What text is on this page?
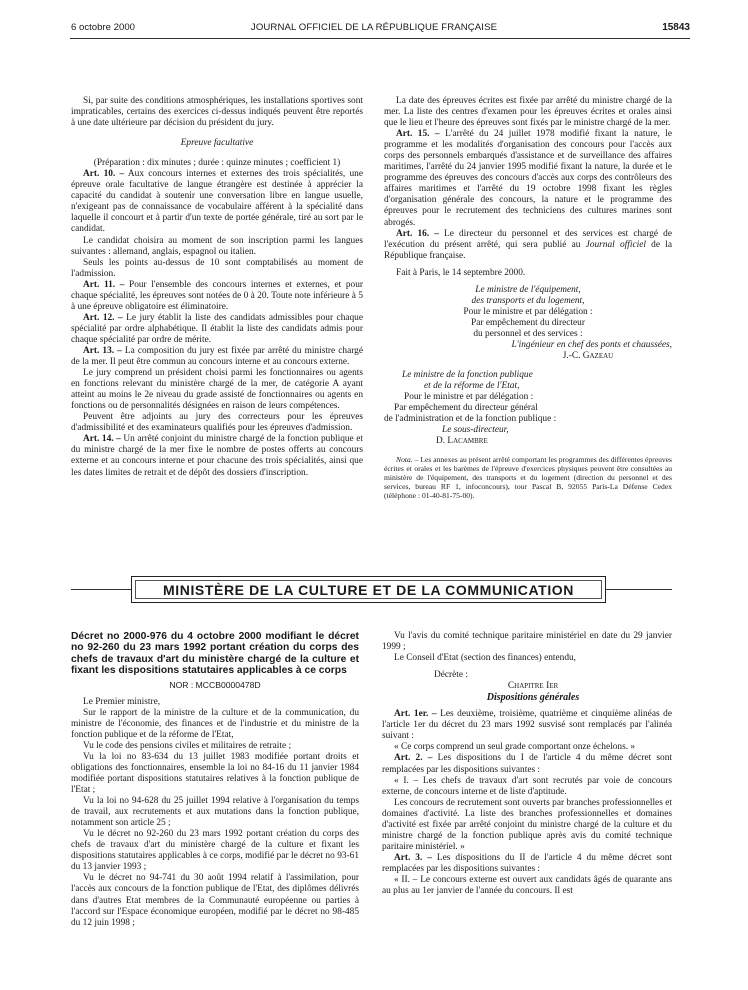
6 octobre 2000	JOURNAL OFFICIEL DE LA RÉPUBLIQUE FRANÇAISE	15843

Si, par suite des conditions atmosphériques, les installations sportives sont impraticables, certains des exercices ci-dessus indiqués peuvent être reportés à une date ultérieure par décision du président du jury.

Epreuve facultative

(Préparation : dix minutes ; durée : quinze minutes ; coefficient 1)

Art. 10. – Aux concours internes et externes des trois spécialités, une épreuve orale facultative de langue étrangère est destinée à apprécier la capacité du candidat à soutenir une conversation libre en langue usuelle, n'exigeant pas de connaissance de vocabulaire afférent à la spécialité dans laquelle il concourt et à partir d'un texte de portée générale, tiré au sort par le candidat.

Le candidat choisira au moment de son inscription parmi les langues suivantes : allemand, anglais, espagnol ou italien.

Seuls les points au-dessus de 10 sont comptabilisés au moment de l'admission.

Art. 11. – Pour l'ensemble des concours internes et externes, et pour chaque spécialité, les épreuves sont notées de 0 à 20. Toute note inférieure à 5 à une épreuve obligatoire est éliminatoire.

Art. 12. – Le jury établit la liste des candidats admissibles pour chaque spécialité par ordre alphabétique. Il établit la liste des candidats admis pour chaque spécialité par ordre de mérite.

Art. 13. – La composition du jury est fixée par arrêté du ministre chargé de la mer. Il peut être commun au concours interne et au concours externe.

Le jury comprend un président choisi parmi les fonctionnaires ou agents en fonctions relevant du ministère chargé de la mer, de catégorie A ayant atteint au moins le 2e niveau du grade assisté de fonctionnaires ou agents en fonctions ou de personnalités désignées en raison de leurs compétences.

Peuvent être adjoints au jury des correcteurs pour les épreuves d'admissibilité et des examinateurs qualifiés pour les épreuves d'admission.

Art. 14. – Un arrêté conjoint du ministre chargé de la fonction publique et du ministre chargé de la mer fixe le nombre de postes offerts au concours externe et au concours interne et pour chacune des trois spécialités, ainsi que les dates limites de retrait et de dépôt des dossiers d'inscription.

La date des épreuves écrites est fixée par arrêté du ministre chargé de la mer. La liste des centres d'examen pour les épreuves écrites et orales ainsi que le lieu et l'heure des épreuves sont fixés par le ministre chargé de la mer.

Art. 15. – L'arrêté du 24 juillet 1978 modifié fixant la nature, le programme et les modalités d'organisation des concours pour l'accès aux corps des personnels embarqués d'assistance et de surveillance des affaires maritimes, l'arrêté du 24 janvier 1995 modifié fixant la nature, la durée et le programme des épreuves des concours d'accès aux corps des contrôleurs des affaires maritimes et l'arrêté du 19 octobre 1998 fixant les règles d'organisation générale des concours, la nature et le programme des épreuves pour le recrutement des techniciens des cultures marines sont abrogés.

Art. 16. – Le directeur du personnel et des services est chargé de l'exécution du présent arrêté, qui sera publié au Journal officiel de la République française.

Fait à Paris, le 14 septembre 2000.

Le ministre de l'équipement,

des transports et du logement,

Pour le ministre et par délégation :

Par empêchement du directeur

du personnel et des services :

L'ingénieur en chef des ponts et chaussées,

J.-C. Gazeau

Le ministre de la fonction publique

et de la réforme de l'Etat,

Pour le ministre et par délégation :

Par empêchement du directeur général

de l'administration et de la fonction publique :

Le sous-directeur,

D. Lacambre

Nota. – Les annexes au présent arrêté comportant les programmes des différentes épreuves écrites et orales et les barèmes de l'épreuve d'exercices physiques peuvent être consultées au ministère de l'équipement, des transports et du logement (direction du personnel et des services, bureau RF 1, infoconcours), tour Pascal B, 92055 Paris-La Défense Cedex (téléphone : 01-40-81-75-00).

MINISTÈRE DE LA CULTURE ET DE LA COMMUNICATION

Décret no 2000-976 du 4 octobre 2000 modifiant le décret no 92-260 du 23 mars 1992 portant création du corps des chefs de travaux d'art du ministère chargé de la culture et fixant les dispositions statutaires applicables à ce corps

NOR : MCCB0000478D

Le Premier ministre,

Sur le rapport de la ministre de la culture et de la communication, du ministre de l'économie, des finances et de l'industrie et du ministre de la fonction publique et de la réforme de l'Etat,

Vu le code des pensions civiles et militaires de retraite ;

Vu la loi no 83-634 du 13 juillet 1983 modifiée portant droits et obligations des fonctionnaires, ensemble la loi no 84-16 du 11 janvier 1984 modifiée portant dispositions statutaires relatives à la fonction publique de l'Etat ;

Vu la loi no 94-628 du 25 juillet 1994 relative à l'organisation du temps de travail, aux recrutements et aux mutations dans la fonction publique, notamment son article 25 ;

Vu le décret no 92-260 du 23 mars 1992 portant création du corps des chefs de travaux d'art du ministère chargé de la culture et fixant les dispositions statutaires applicables à ce corps, modifié par le décret no 93-61 du 13 janvier 1993 ;

Vu le décret no 94-741 du 30 août 1994 relatif à l'assimilation, pour l'accès aux concours de la fonction publique de l'Etat, des diplômes délivrés dans d'autres Etat membres de la Communauté européenne ou parties à l'accord sur l'Espace économique européen, modifié par le décret no 98-485 du 12 juin 1998 ;

Vu l'avis du comité technique paritaire ministériel en date du 29 janvier 1999 ;

Le Conseil d'Etat (section des finances) entendu,

Décrète :

Chapitre Ier

Dispositions générales

Art. 1er. – Les deuxième, troisième, quatrième et cinquième alinéas de l'article 1er du décret du 23 mars 1992 susvisé sont remplacés par l'alinéa suivant :

« Ce corps comprend un seul grade comportant onze échelons. »

Art. 2. – Les dispositions du I de l'article 4 du même décret sont remplacées par les dispositions suivantes :

« I. – Les chefs de travaux d'art sont recrutés par voie de concours externe, de concours interne et de liste d'aptitude.

Les concours de recrutement sont ouverts par branches professionnelles et domaines d'activité. La liste des branches professionnelles et domaines d'activité est fixée par arrêté conjoint du ministre chargé de la culture et du ministre chargé de la fonction publique après avis du comité technique paritaire ministériel. »

Art. 3. – Les dispositions du II de l'article 4 du même décret sont remplacées par les dispositions suivantes :

« II. – Le concours externe est ouvert aux candidats âgés de quarante ans au plus au 1er janvier de l'année du concours. Il est
